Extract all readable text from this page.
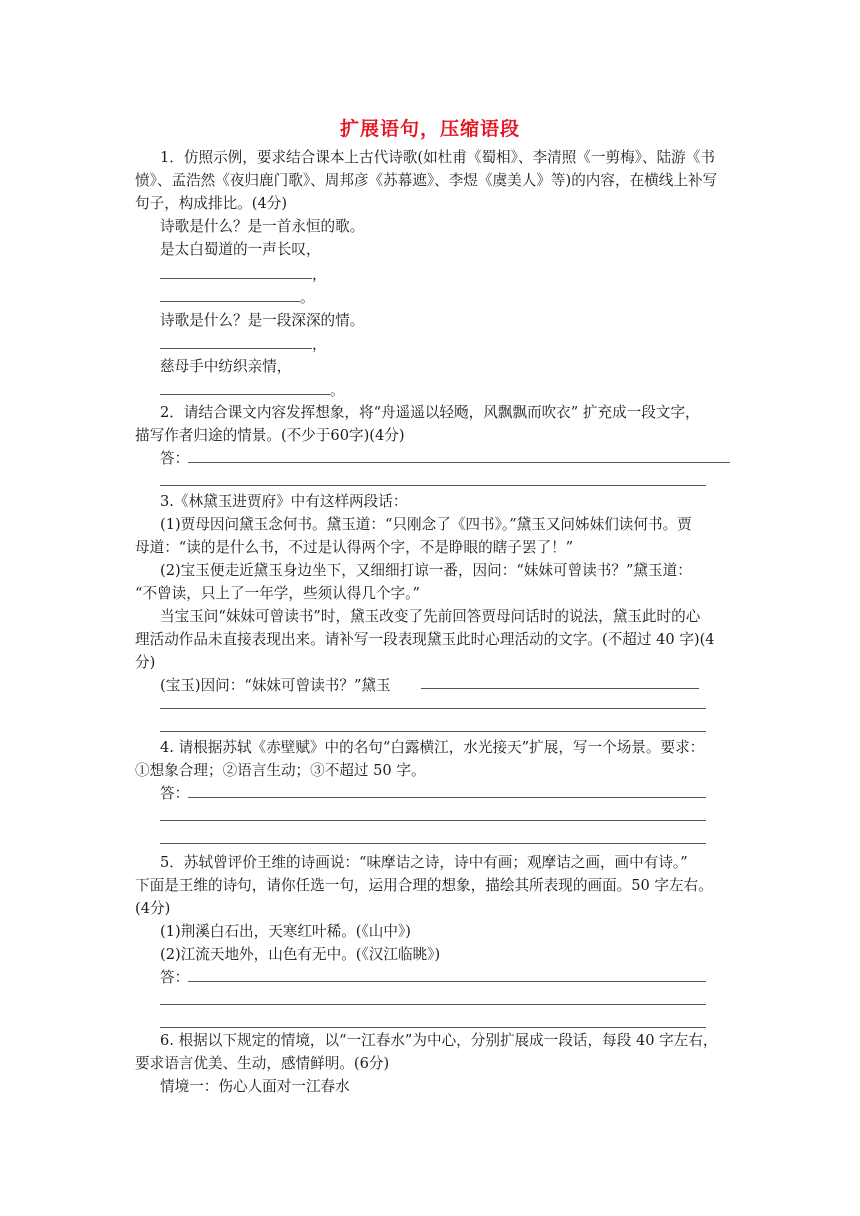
扩展语句，压缩语段
1．仿照示例，要求结合课本上古代诗歌(如杜甫《蜀相》、李清照《一剪梅》、陆游《书
愤》、孟浩然《夜归鹿门歌》、周邦彦《苏幕遮》、李煜《虞美人》等)的内容，在横线上补写
句子，构成排比。(4分)
诗歌是什么？是一首永恒的歌。
是太白蜀道的一声长叹，
，
。
诗歌是什么？是一段深深的情。
，
慈母手中纺织亲情，
。
2．请结合课文内容发挥想象，将“舟遥遥以轻飏，风飘飘而吹衣” 扩充成一段文字，
描写作者归途的情景。(不少于60字)(4分)
答：
3.《林黛玉进贾府》中有这样两段话：
(1)贾母因问黛玉念何书。黛玉道：“只刚念了《四书》。”黛玉又问姊妹们读何书。贾
母道：“读的是什么书，不过是认得两个字，不是睁眼的瞎子罢了！”
(2)宝玉便走近黛玉身边坐下，又细细打谅一番，因问：“妹妹可曾读书？”黛玉道：
“不曾读，只上了一年学，些须认得几个字。”
当宝玉问“妹妹可曾读书”时，黛玉改变了先前回答贾母问话时的说法，黛玉此时的心
理活动作品未直接表现出来。请补写一段表现黛玉此时心理活动的文字。(不超过 40 字)(4
分)
(宝玉)因问：“妹妹可曾读书？”黛玉
4. 请根据苏轼《赤壁赋》中的名句“白露横江，水光接天”扩展，写一个场景。要求：
①想象合理；②语言生动；③不超过 50 字。
答：
5．苏轼曾评价王维的诗画说：“味摩诘之诗，诗中有画；观摩诘之画，画中有诗。”
下面是王维的诗句，请你任选一句，运用合理的想象，描绘其所表现的画面。50 字左右。
(4分)
(1)荆溪白石出，天寒红叶稀。(《山中》)
(2)江流天地外，山色有无中。(《汉江临眺》)
答：
6. 根据以下规定的情境，以“一江春水”为中心，分别扩展成一段话，每段 40 字左右，
要求语言优美、生动，感情鲜明。(6分)
情境一：伤心人面对一江春水
